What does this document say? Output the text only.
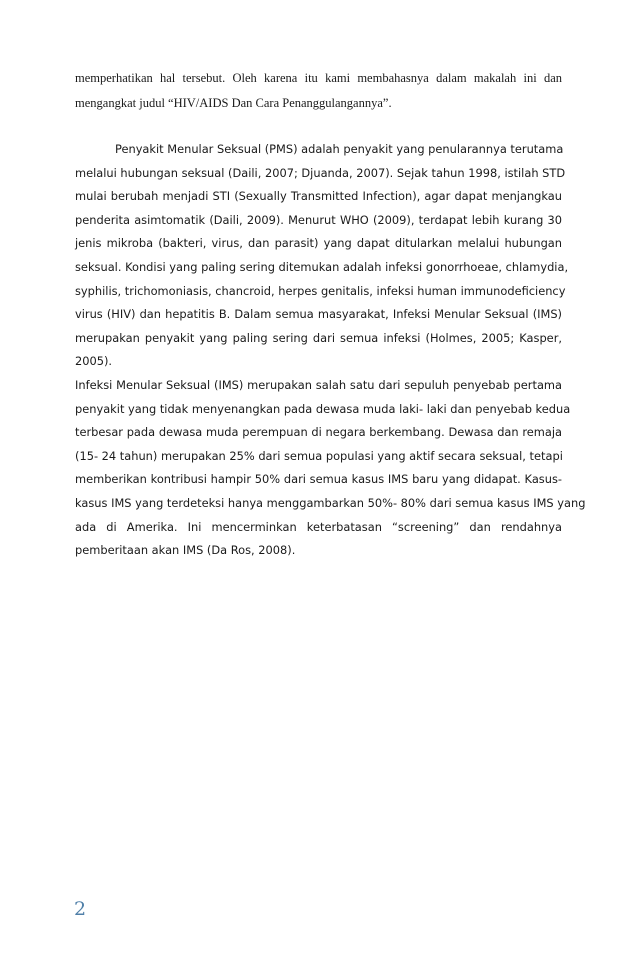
memperhatikan hal tersebut. Oleh karena itu kami membahasnya dalam makalah ini dan
mengangkat judul “HIV/AIDS Dan Cara Penanggulangannya”.

Penyakit Menular Seksual (PMS) adalah penyakit yang penularannya terutama
melalui hubungan seksual (Daili, 2007; Djuanda, 2007). Sejak tahun 1998, istilah STD
mulai berubah menjadi STI (Sexually Transmitted Infection), agar dapat menjangkau
penderita asimtomatik (Daili, 2009). Menurut WHO (2009), terdapat lebih kurang 30
jenis mikroba (bakteri, virus, dan parasit) yang dapat ditularkan melalui hubungan
seksual. Kondisi yang paling sering ditemukan adalah infeksi gonorrhoeae, chlamydia,
syphilis, trichomoniasis, chancroid, herpes genitalis, infeksi human immunodeficiency
virus (HIV) dan hepatitis B. Dalam semua masyarakat, Infeksi Menular Seksual (IMS)
merupakan penyakit yang paling sering dari semua infeksi (Holmes, 2005; Kasper,
2005).

Infeksi Menular Seksual (IMS) merupakan salah satu dari sepuluh penyebab pertama
penyakit yang tidak menyenangkan pada dewasa muda laki- laki dan penyebab kedua
terbesar pada dewasa muda perempuan di negara berkembang. Dewasa dan remaja
(15- 24 tahun) merupakan 25% dari semua populasi yang aktif secara seksual, tetapi
memberikan kontribusi hampir 50% dari semua kasus IMS baru yang didapat. Kasus-
kasus IMS yang terdeteksi hanya menggambarkan 50%- 80% dari semua kasus IMS yang
ada di Amerika. Ini mencerminkan keterbatasan “screening” dan rendahnya
pemberitaan akan IMS (Da Ros, 2008).

2
